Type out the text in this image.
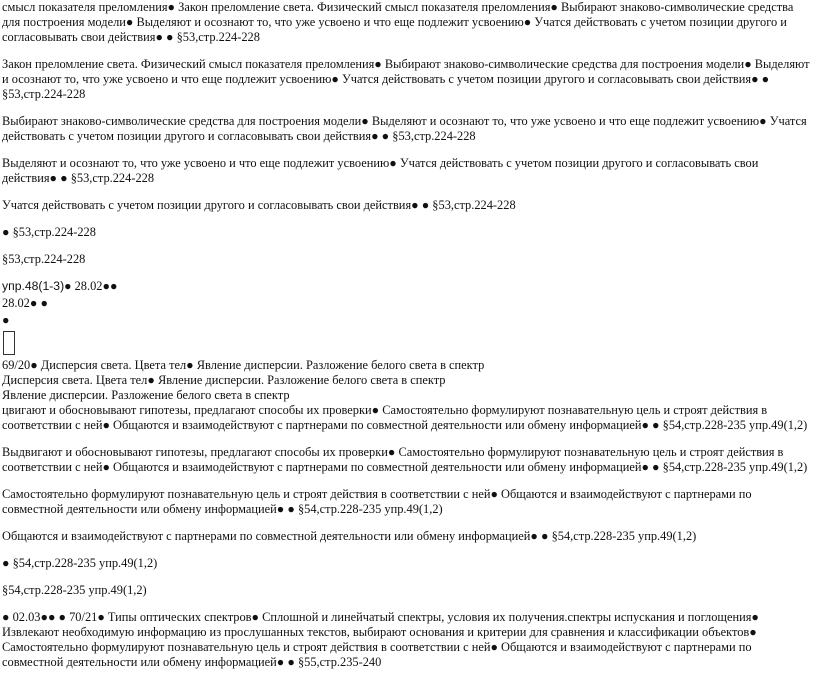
смысл показателя преломления● Закон преломление света. Физический смысл показателя преломления● Выбирают знаково-символические средства для построения модели● Выделяют и осознают то, что уже усвоено и что еще подлежит усвоению● Учатся действовать с учетом позиции другого и согласовывать свои действия● ● §53,стр.224-228

Закон преломление света. Физический смысл показателя преломления● Выбирают знаково-символические средства для построения модели● Выделяют и осознают то, что уже усвоено и что еще подлежит усвоению● Учатся действовать с учетом позиции другого и согласовывать свои действия● ● §53,стр.224-228

Выбирают знаково-символические средства для построения модели● Выделяют и осознают то, что уже усвоено и что еще подлежит усвоению● Учатся действовать с учетом позиции другого и согласовывать свои действия● ● §53,стр.224-228

Выделяют и осознают то, что уже усвоено и что еще подлежит усвоению● Учатся действовать с учетом позиции другого и согласовывать свои действия● ● §53,стр.224-228

Учатся действовать с учетом позиции другого и согласовывать свои действия● ● §53,стр.224-228

● §53,стр.224-228

§53,стр.224-228

упр.48(1-3)● 28.02●●

28.02● ●

●

69/20● Дисперсия света. Цвета тел● Явление дисперсии. Разложение белого света в спектр

Дисперсия света. Цвета тел● Явление дисперсии. Разложение белого света в спектр

Явление дисперсии. Разложение белого света в спектр

цвигают и обосновывают гипотезы, предлагают способы их проверки● Самостоятельно формулируют познавательную цель и строят действия в соответствии с ней● Общаются и взаимодействуют с партнерами по совместной деятельности или обмену информацией● ● §54,стр.228-235 упр.49(1,2)

Выдвигают и обосновывают гипотезы, предлагают способы их проверки● Самостоятельно формулируют познавательную цель и строят действия в соответствии с ней● Общаются и взаимодействуют с партнерами по совместной деятельности или обмену информацией● ● §54,стр.228-235 упр.49(1,2)

Самостоятельно формулируют познавательную цель и строят действия в соответствии с ней● Общаются и взаимодействуют с партнерами по совместной деятельности или обмену информацией● ● §54,стр.228-235 упр.49(1,2)

Общаются и взаимодействуют с партнерами по совместной деятельности или обмену информацией● ● §54,стр.228-235 упр.49(1,2)

● §54,стр.228-235 упр.49(1,2)

§54,стр.228-235 упр.49(1,2)

● 02.03●● ● 70/21● Типы оптических спектров● Сплошной и линейчатый спектры, условия их получения.спектры испускания и поглощения● Извлекают необходимую информацию из прослушанных текстов, выбирают основания и критерии для сравнения и классификации объектов● Самостоятельно формулируют познавательную цель и строят действия в соответствии с ней● Общаются и взаимодействуют с партнерами по совместной деятельности или обмену информацией● ● §55,стр.235-240
